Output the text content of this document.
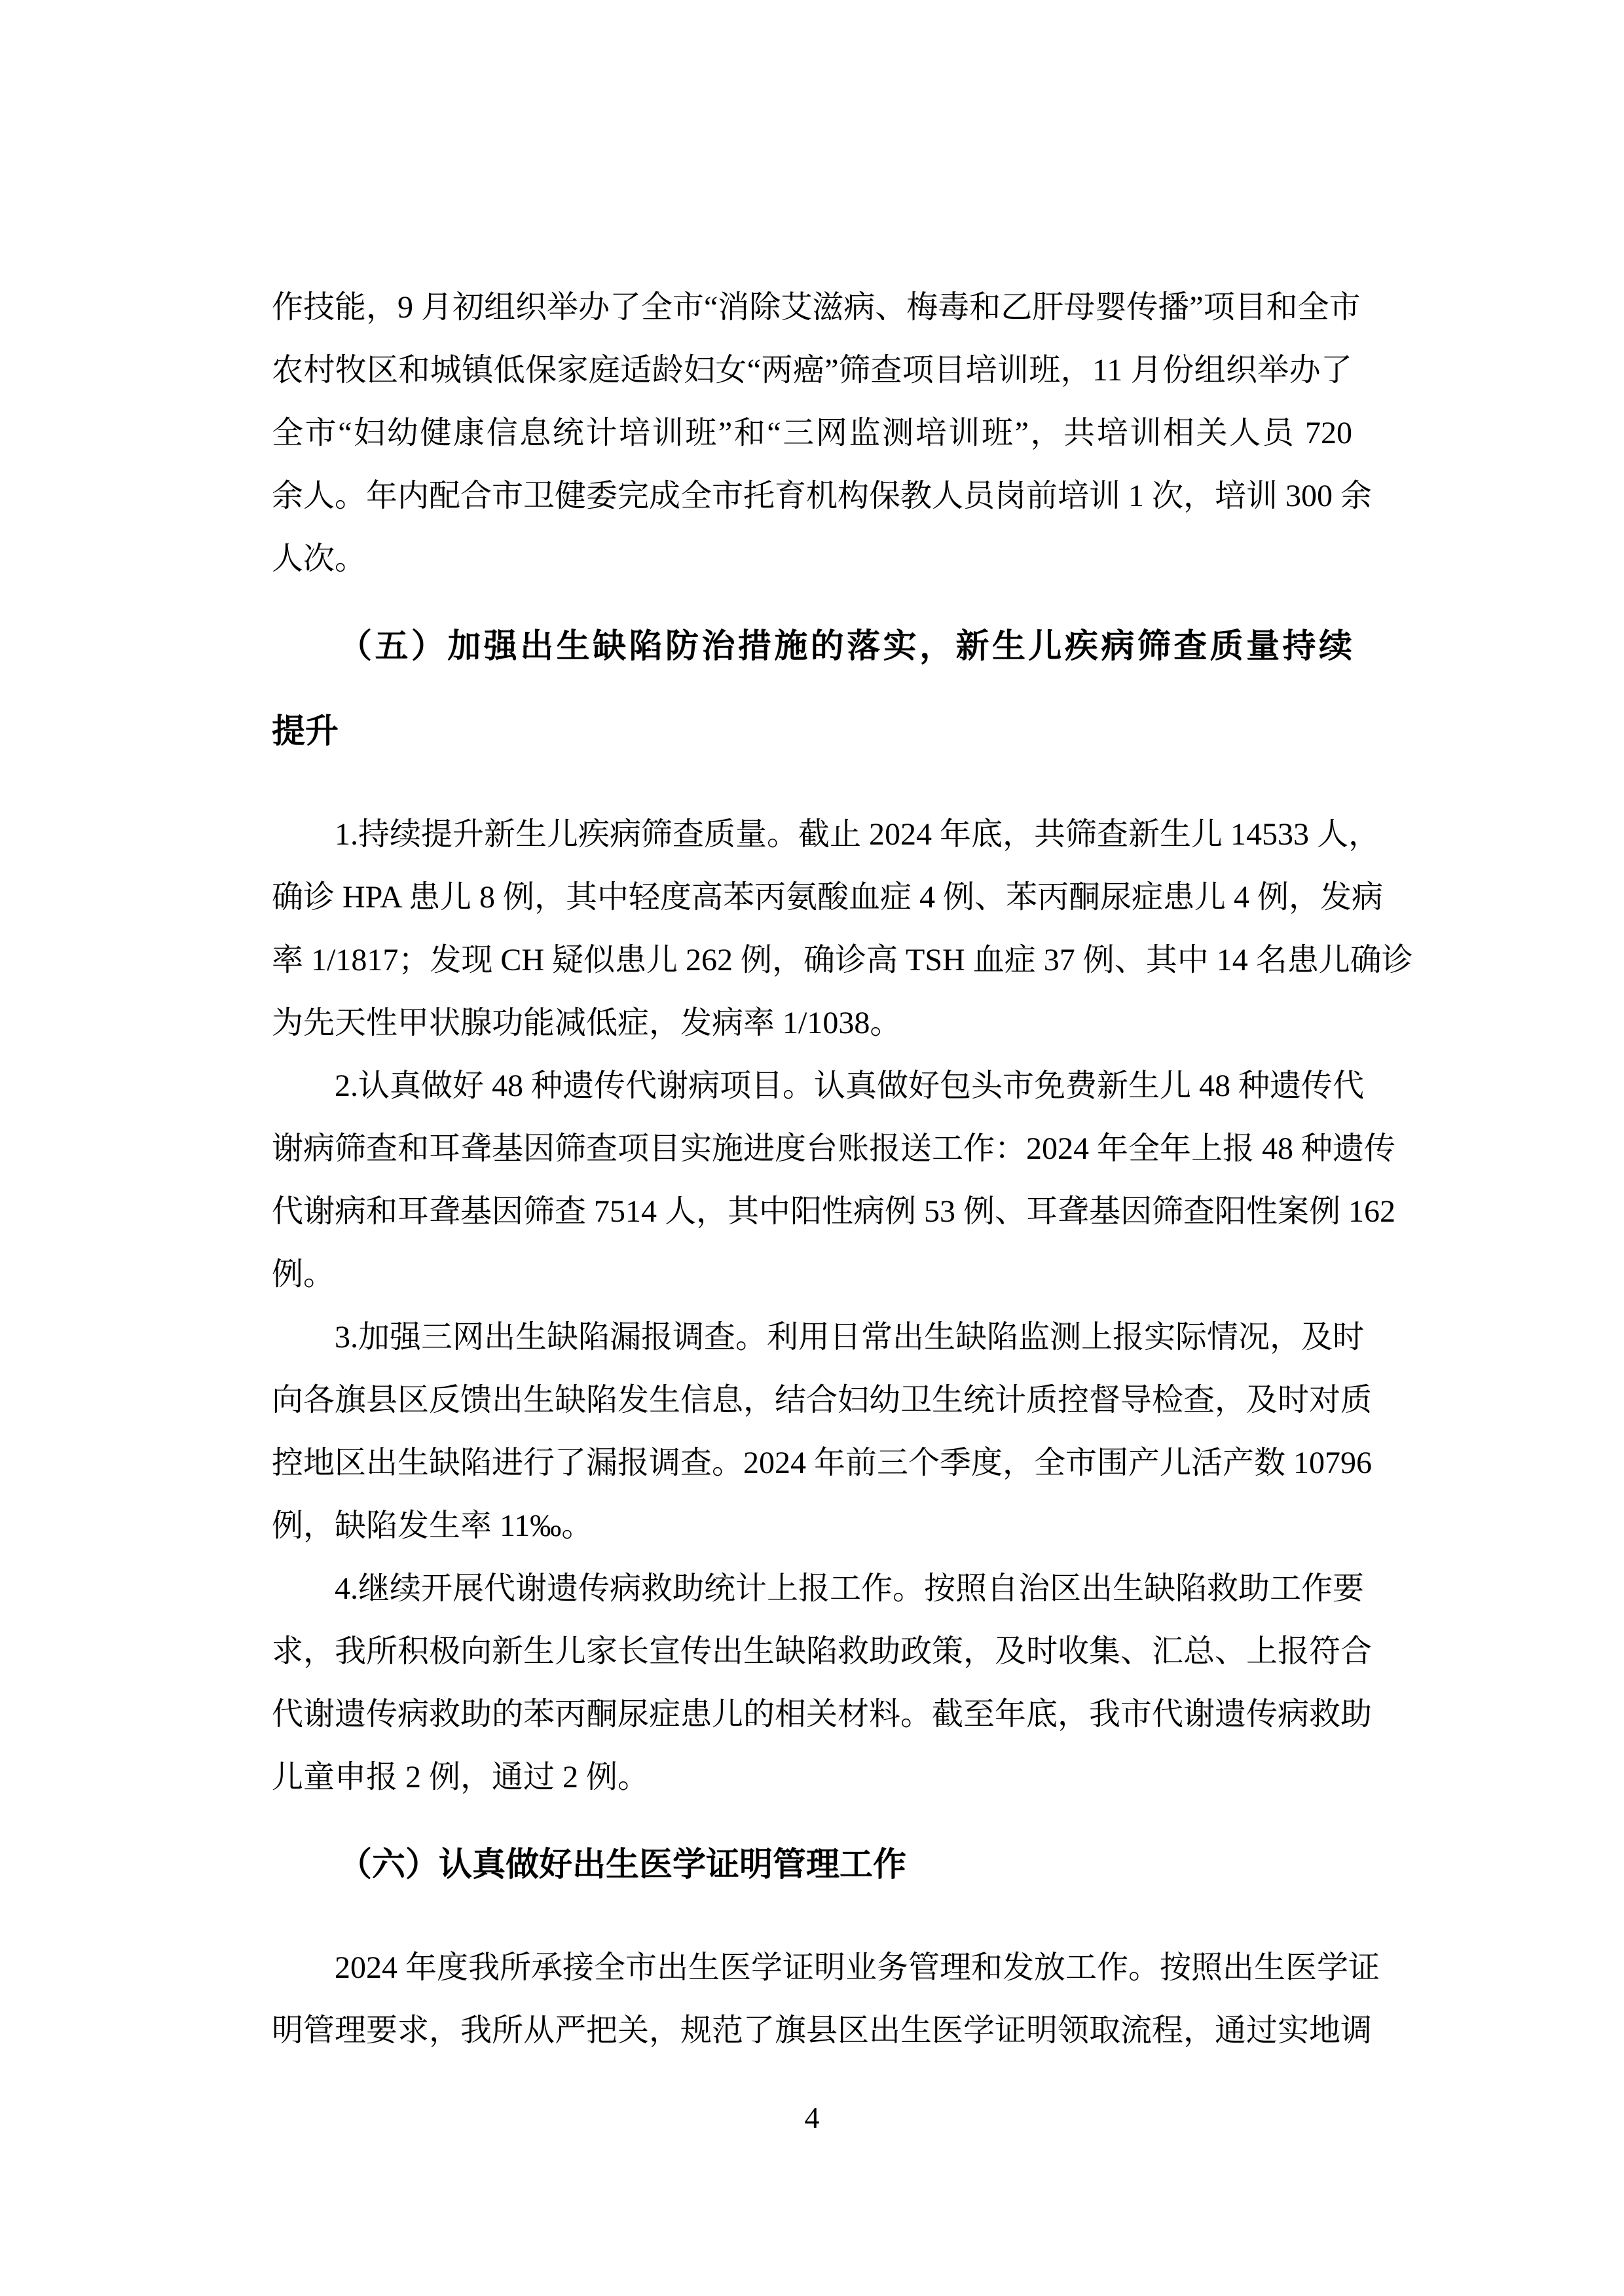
作技能，9 月初组织举办了全市“消除艾滋病、梅毒和乙肝母婴传播”项目和全市
农村牧区和城镇低保家庭适龄妇女“两癌”筛查项目培训班，11 月份组织举办了
全市“妇幼健康信息统计培训班”和“三网监测培训班”，共培训相关人员 720
余人。年内配合市卫健委完成全市托育机构保教人员岗前培训 1 次，培训 300 余
人次。
（五）加强出生缺陷防治措施的落实，新生儿疾病筛查质量持续
提升
1.持续提升新生儿疾病筛查质量。截止 2024 年底，共筛查新生儿 14533 人，
确诊 HPA 患儿 8 例，其中轻度高苯丙氨酸血症 4 例、苯丙酮尿症患儿 4 例，发病
率 1/1817；发现 CH 疑似患儿 262 例，确诊高 TSH 血症 37 例、其中 14 名患儿确诊
为先天性甲状腺功能减低症，发病率 1/1038。
2.认真做好 48 种遗传代谢病项目。认真做好包头市免费新生儿 48 种遗传代
谢病筛查和耳聋基因筛查项目实施进度台账报送工作：2024 年全年上报 48 种遗传
代谢病和耳聋基因筛查 7514 人，其中阳性病例 53 例、耳聋基因筛查阳性案例 162
例。
3.加强三网出生缺陷漏报调查。利用日常出生缺陷监测上报实际情况，及时
向各旗县区反馈出生缺陷发生信息，结合妇幼卫生统计质控督导检查，及时对质
控地区出生缺陷进行了漏报调查。2024 年前三个季度，全市围产儿活产数 10796
例，缺陷发生率 11‰。
4.继续开展代谢遗传病救助统计上报工作。按照自治区出生缺陷救助工作要
求，我所积极向新生儿家长宣传出生缺陷救助政策，及时收集、汇总、上报符合
代谢遗传病救助的苯丙酮尿症患儿的相关材料。截至年底，我市代谢遗传病救助
儿童申报 2 例，通过 2 例。
（六）认真做好出生医学证明管理工作
2024 年度我所承接全市出生医学证明业务管理和发放工作。按照出生医学证
明管理要求，我所从严把关，规范了旗县区出生医学证明领取流程，通过实地调
4
